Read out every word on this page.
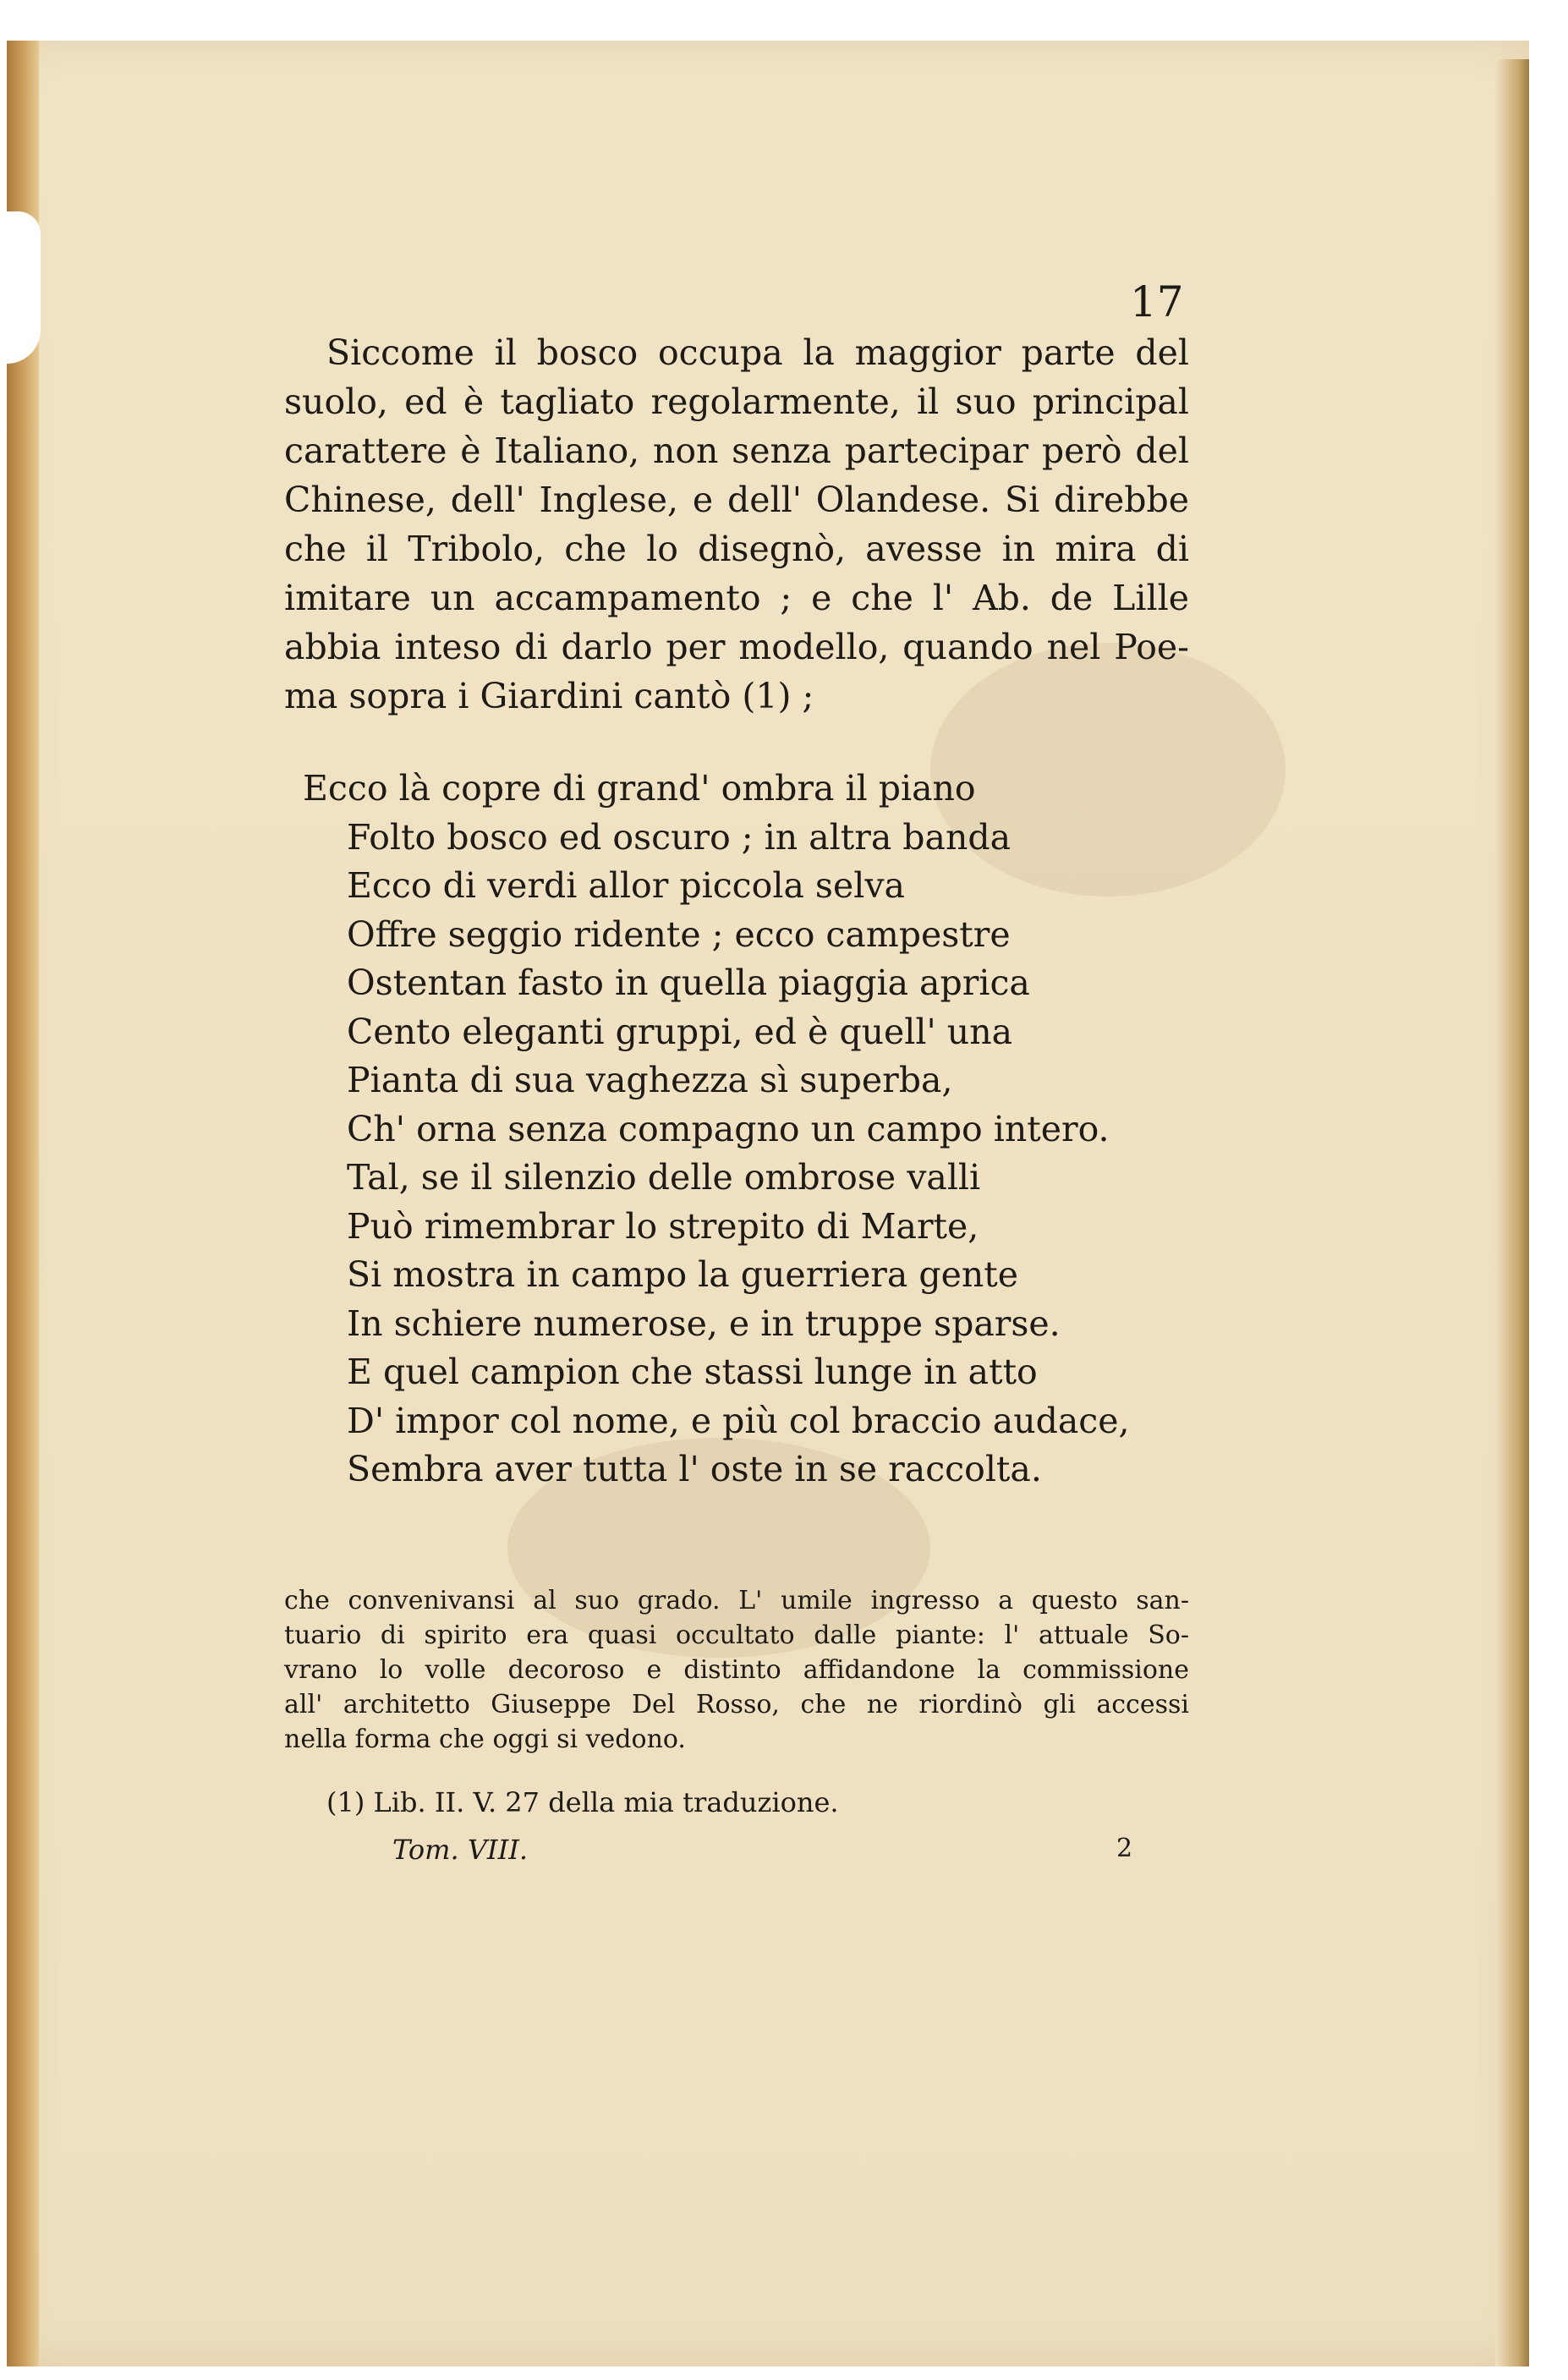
17

Siccome il bosco occupa la maggior parte del
suolo, ed è tagliato regolarmente, il suo principal
carattere è Italiano, non senza partecipar però del
Chinese, dell' Inglese, e dell' Olandese. Si direbbe
che il Tribolo, che lo disegnò, avesse in mira di
imitare un accampamento ; e che l' Ab. de Lille
abbia inteso di darlo per modello, quando nel Poe-
ma sopra i Giardini cantò (1) ;
Ecco là copre di grand' ombra il piano
Folto bosco ed oscuro ; in altra banda
Ecco di verdi allor piccola selva
Offre seggio ridente ; ecco campestre
Ostentan fasto in quella piaggia aprica
Cento eleganti gruppi, ed è quell' una
Pianta di sua vaghezza sì superba,
Ch' orna senza compagno un campo intero.
Tal, se il silenzio delle ombrose valli
Può rimembrar lo strepito di Marte,
Si mostra in campo la guerriera gente
In schiere numerose, e in truppe sparse.
E quel campion che stassi lunge in atto
D' impor col nome, e più col braccio audace,
Sembra aver tutta l' oste in se raccolta.
che convenivansi al suo grado. L' umile ingresso a questo san-
tuario di spirito era quasi occultato dalle piante: l' attuale So-
vrano lo volle decoroso e distinto affidandone la commissione
all' architetto Giuseppe Del Rosso, che ne riordinò gli accessi
nella forma che oggi si vedono.

(1) Lib. II. V. 27 della mia traduzione.

Tom. VIII.	2
